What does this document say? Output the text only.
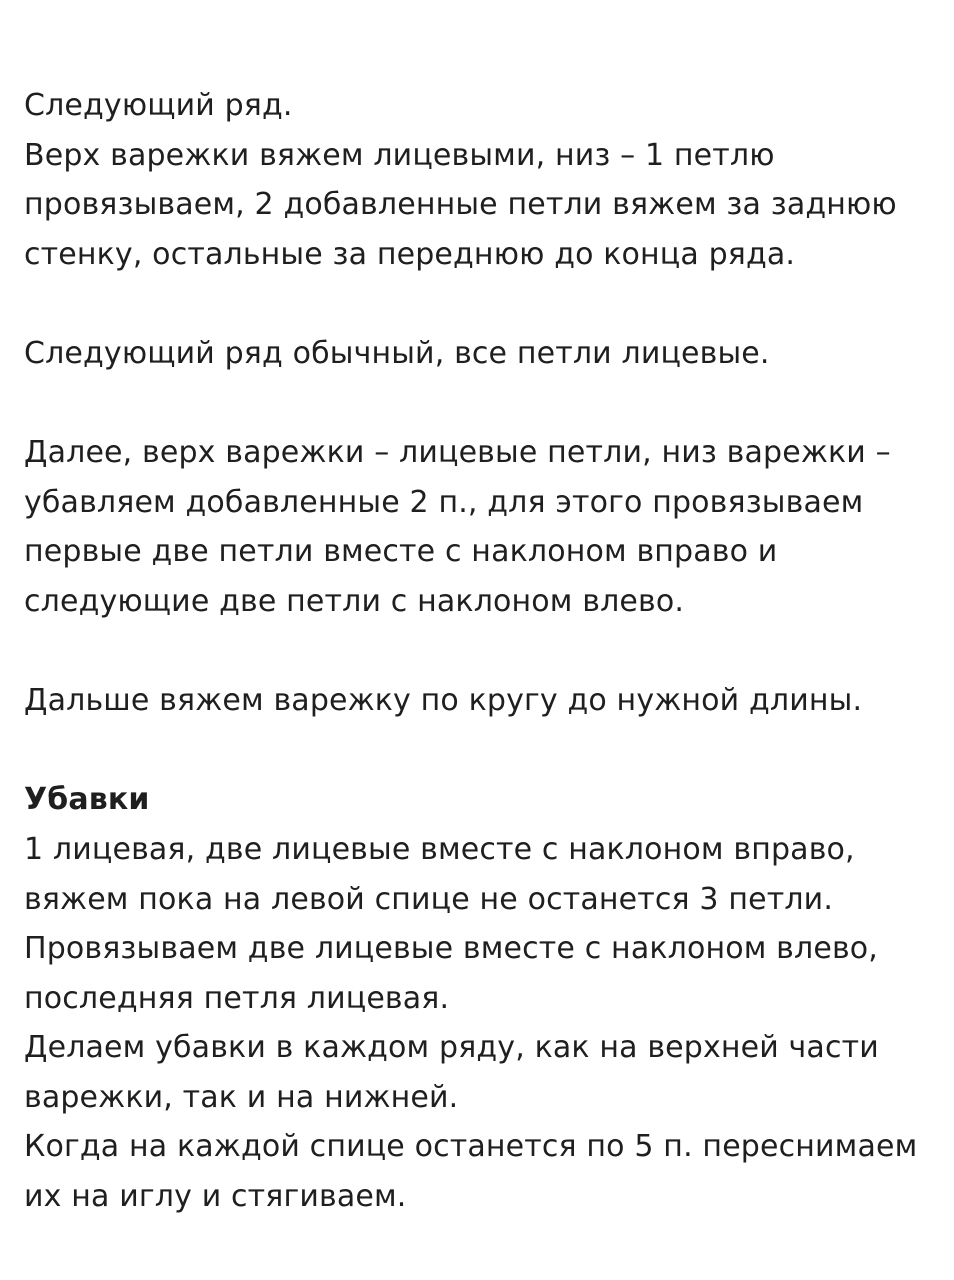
Следующий ряд.
Верх варежки вяжем лицевыми, низ – 1 петлю
провязываем, 2 добавленные петли вяжем за заднюю
стенку, остальные за переднюю до конца ряда.
Следующий ряд обычный, все петли лицевые.
Далее, верх варежки – лицевые петли, низ варежки –
убавляем добавленные 2 п., для этого провязываем
первые две петли вместе с наклоном вправо и
следующие две петли с наклоном влево.
Дальше вяжем варежку по кругу до нужной длины.
Убавки
1 лицевая, две лицевые вместе с наклоном вправо,
вяжем пока на левой спице не останется 3 петли.
Провязываем две лицевые вместе с наклоном влево,
последняя петля лицевая.
Делаем убавки в каждом ряду, как на верхней части
варежки, так и на нижней.
Когда на каждой спице останется по 5 п. переснимаем
их на иглу и стягиваем.
